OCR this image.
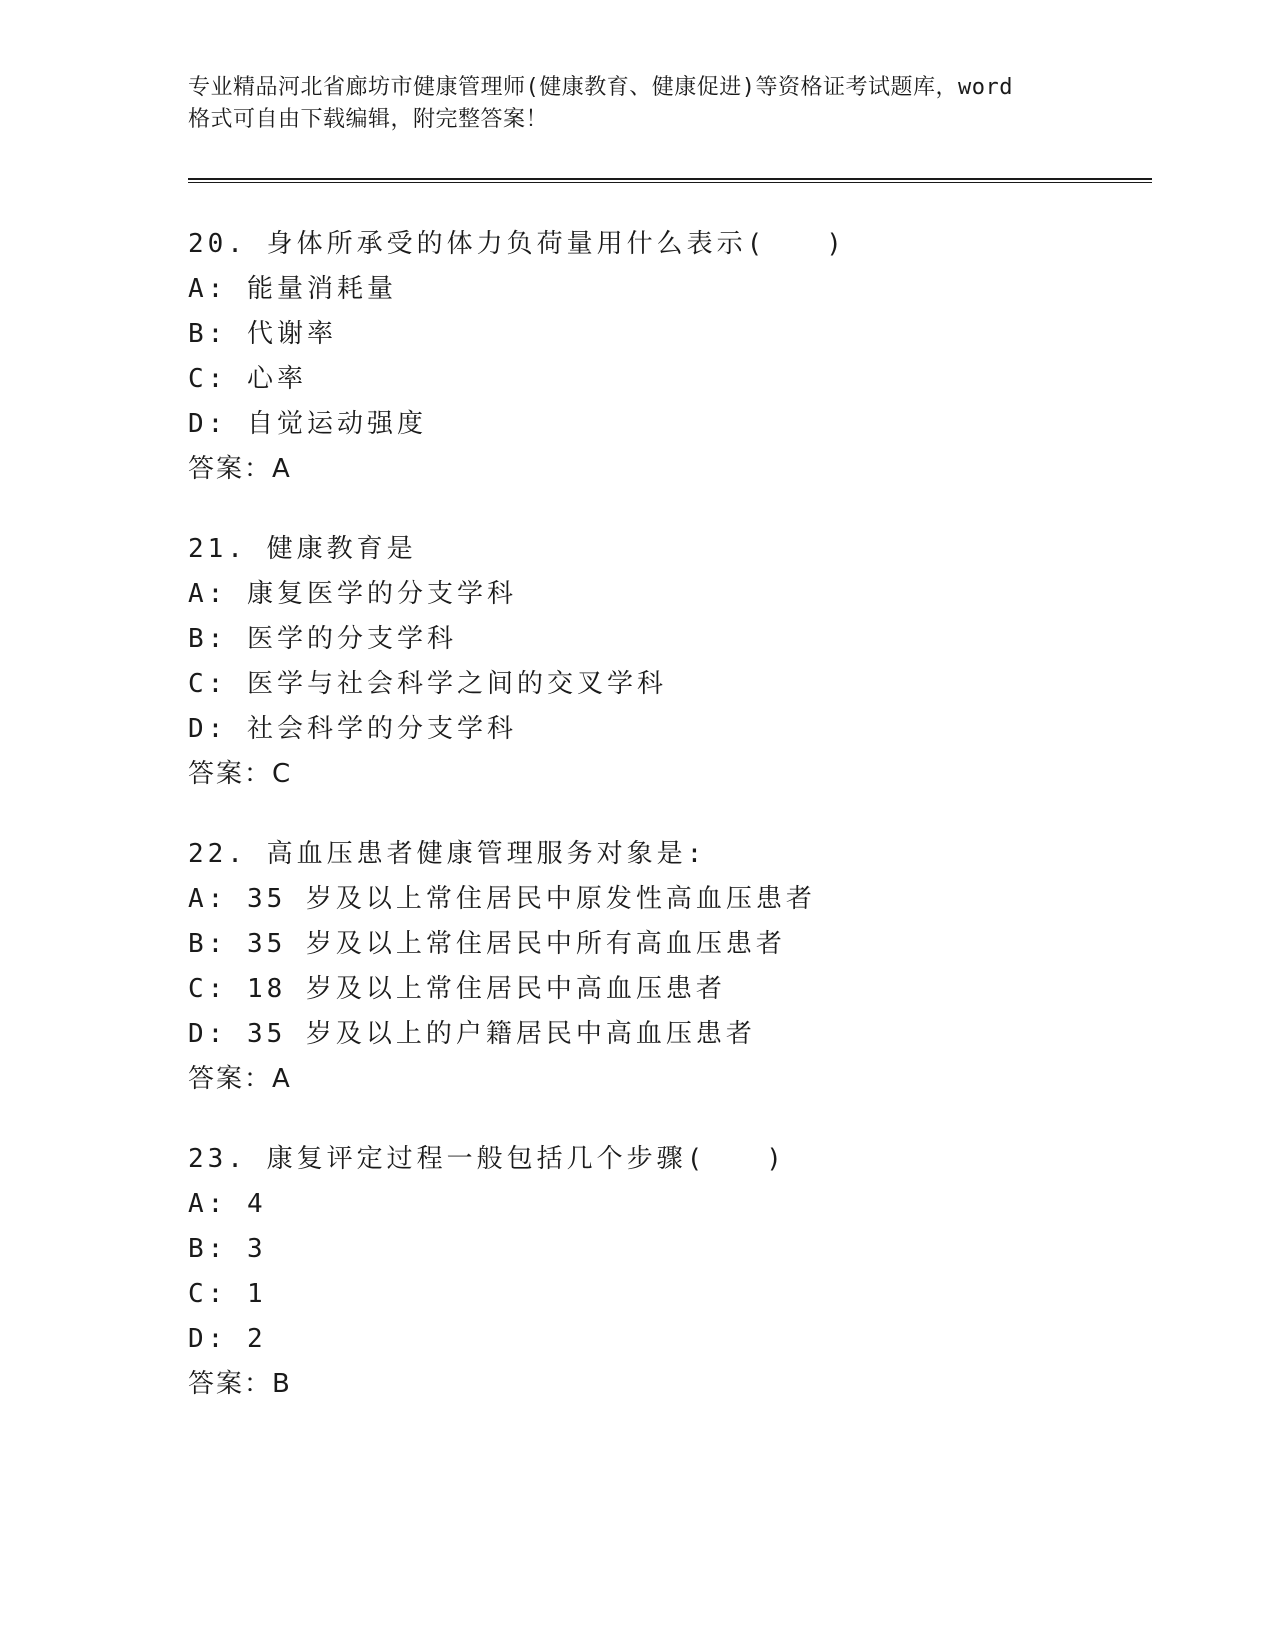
专业精品河北省廊坊市健康管理师(健康教育、健康促进)等资格证考试题库，word
格式可自由下载编辑，附完整答案！
20. 身体所承受的体力负荷量用什么表示(　　)
A: 能量消耗量
B: 代谢率
C: 心率
D: 自觉运动强度
答案：A
21. 健康教育是
A: 康复医学的分支学科
B: 医学的分支学科
C: 医学与社会科学之间的交叉学科
D: 社会科学的分支学科
答案：C
22. 高血压患者健康管理服务对象是:
A: 35 岁及以上常住居民中原发性高血压患者
B: 35 岁及以上常住居民中所有高血压患者
C: 18 岁及以上常住居民中高血压患者
D: 35 岁及以上的户籍居民中高血压患者
答案：A
23. 康复评定过程一般包括几个步骤(　　)
A: 4
B: 3
C: 1
D: 2
答案：B
